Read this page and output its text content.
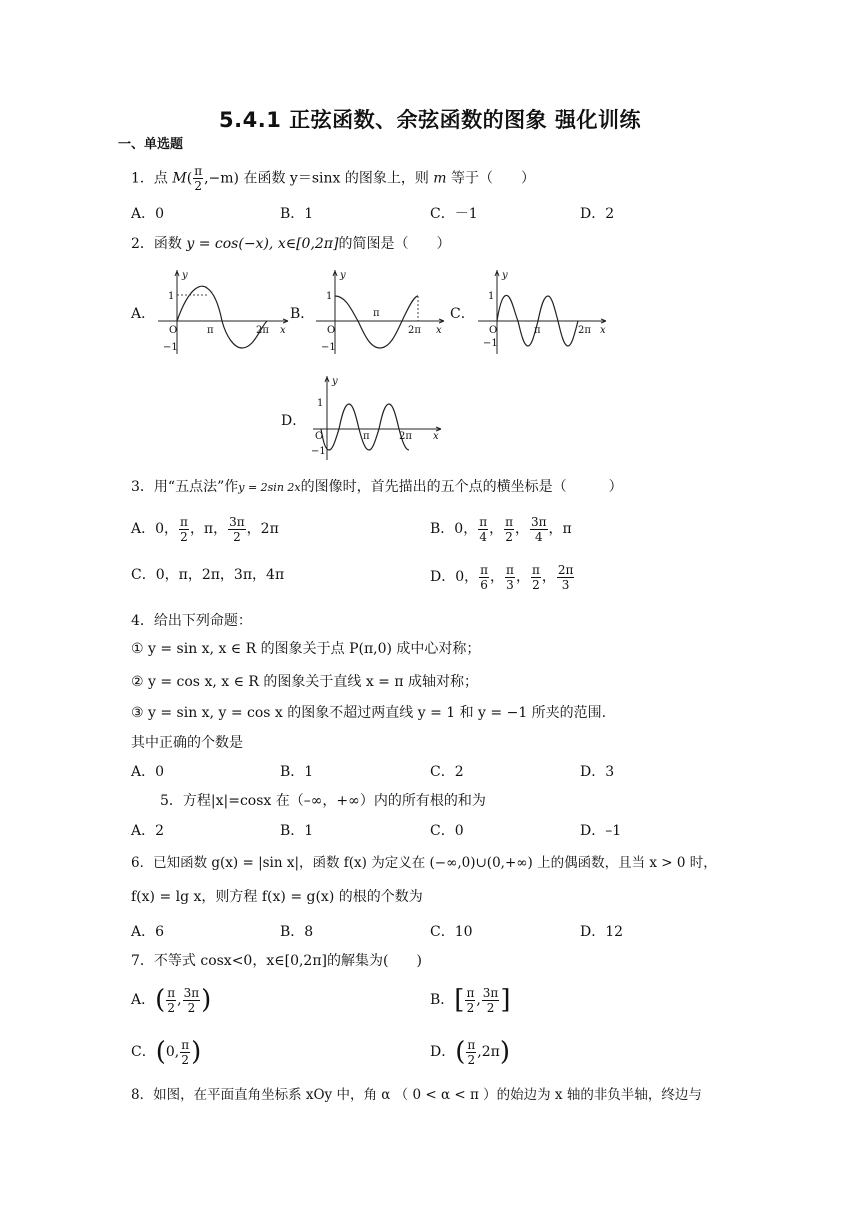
5.4.1 正弦函数、余弦函数的图象 强化训练
一、单选题
1．点 $M( \frac{\pi}{2} ,-m)$ 在函数 y＝sinx 的图象上，则 m 等于（　　）
A．0	B．1	C．－1	D．2
2．函数 y = cos(−x), x∈[0,2π]的简图是（　　）
A．	B．	C．
D．
y
1
−1
O	π	2π x
y
1
−1
O
π
2π x
y
1
−1
O	π	2π x
y
1
−1
O	π	2π x
3．用“五点法”作y = 2sin 2x的图像时，首先描出的五个点的横坐标是（　　　）
A．0， $\frac{\pi}{2}$ ，π， $\frac{3\pi}{2}$ ，2π	B．0， $\frac{\pi}{4}$ ， $\frac{\pi}{2}$ ， $\frac{3\pi}{4}$ ，π
C．0，π，2π，3π，4π	D．0， $\frac{\pi}{6}$ ， $\frac{\pi}{3}$ ， $\frac{\pi}{2}$ ， $\frac{2\pi}{3}$
4．给出下列命题：
① y = sin x, x ∈ R 的图象关于点 P(π,0) 成中心对称；
② y = cos x, x ∈ R 的图象关于直线 x = π 成轴对称；
③ y = sin x, y = cos x 的图象不超过两直线 y = 1 和 y = −1 所夹的范围.
其中正确的个数是
A．0	B．1	C．2	D．3
5．方程|x|=cosx 在（–∞，+∞）内的所有根的和为
A．2	B．1	C．0	D．–1
6．已知函数 g(x) = |sin x|，函数 f(x) 为定义在 (−∞,0)∪(0,+∞) 上的偶函数，且当 x > 0 时，
f(x) = lg x，则方程 f(x) = g(x) 的根的个数为
A．6	B．8	C．10	D．12
7．不等式 cosx<0，x∈[0,2π]的解集为(　　)
A．( $\frac{\pi}{2}$ , $\frac{3\pi}{2}$ )	B．[ $\frac{\pi}{2}$ , $\frac{3\pi}{2}$ ]
C．(0, $\frac{\pi}{2}$ )	D．( $\frac{\pi}{2} ,2\pi$)
8．如图，在平面直角坐标系 xOy 中，角 α （ 0 < α < π ）的始边为 x 轴的非负半轴，终边与
